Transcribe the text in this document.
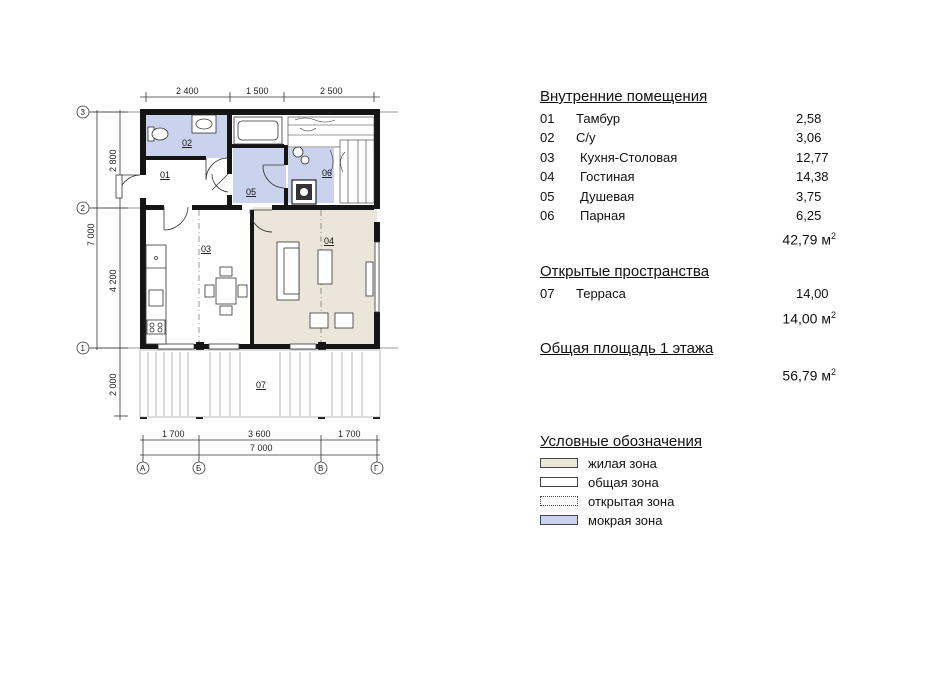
2 400	1 500	2 500
7 000
2 800
4 200
2 000
3
2
1
1 700	3 600	1 700
7 000
А	Б	В	Г
01
02
03
04
05
06
07
Внутренние помещения
01 Тамбур	2,58
02 С/у	3,06
03 Кухня-Столовая	12,77
04 Гостиная	14,38
05 Душевая	3,75
06 Парная	6,25
42,79 $м^2$
Открытые пространства
07 Терраса	14,00
14,00 $м^2$
Общая площадь 1 этажа
56,79 $м^2$
Условные обозначения
жилая зона
общая зона
открытая зона
мокрая зона
